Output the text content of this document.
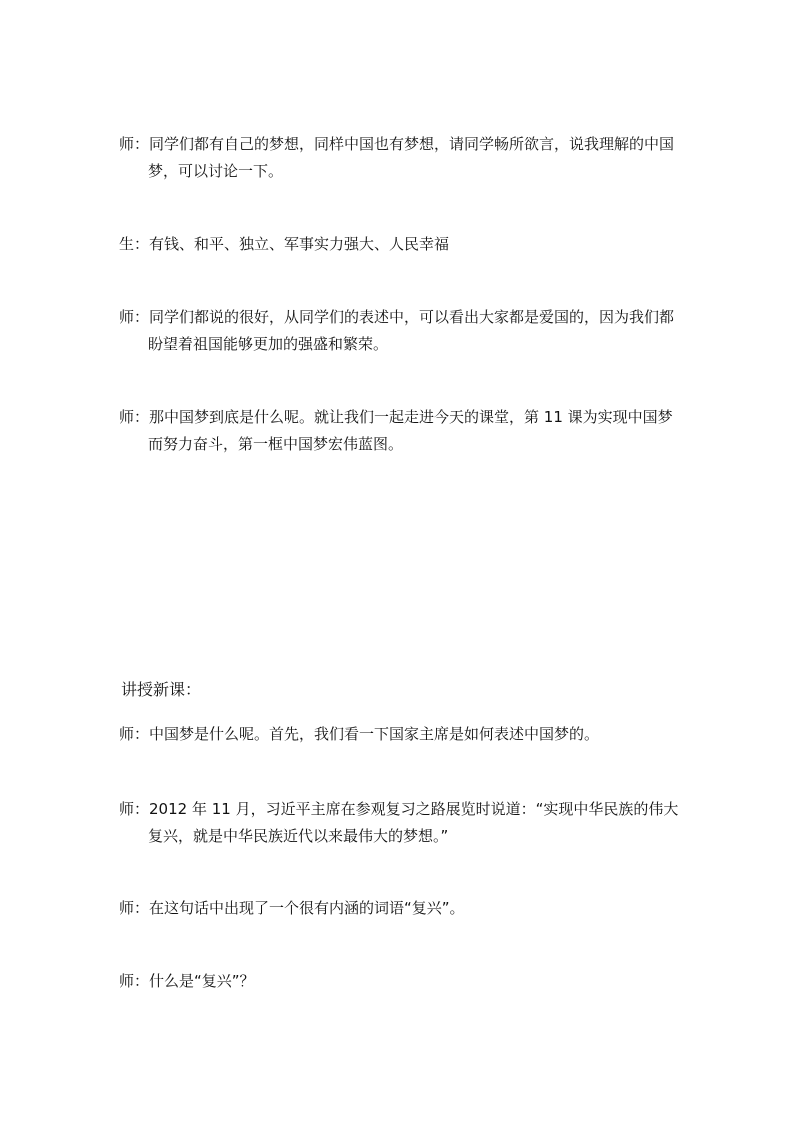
师：同学们都有自己的梦想，同样中国也有梦想，请同学畅所欲言，说我理解的中国梦，可以讨论一下。

生：有钱、和平、独立、军事实力强大、人民幸福

师：同学们都说的很好，从同学们的表述中，可以看出大家都是爱国的，因为我们都盼望着祖国能够更加的强盛和繁荣。

师：那中国梦到底是什么呢。就让我们一起走进今天的课堂，第 11 课为实现中国梦而努力奋斗，第一框中国梦宏伟蓝图。

讲授新课：

师：中国梦是什么呢。首先，我们看一下国家主席是如何表述中国梦的。

师：2012 年 11 月，习近平主席在参观复习之路展览时说道：“实现中华民族的伟大复兴，就是中华民族近代以来最伟大的梦想。”

师：在这句话中出现了一个很有内涵的词语“复兴”。

师：什么是“复兴”？
